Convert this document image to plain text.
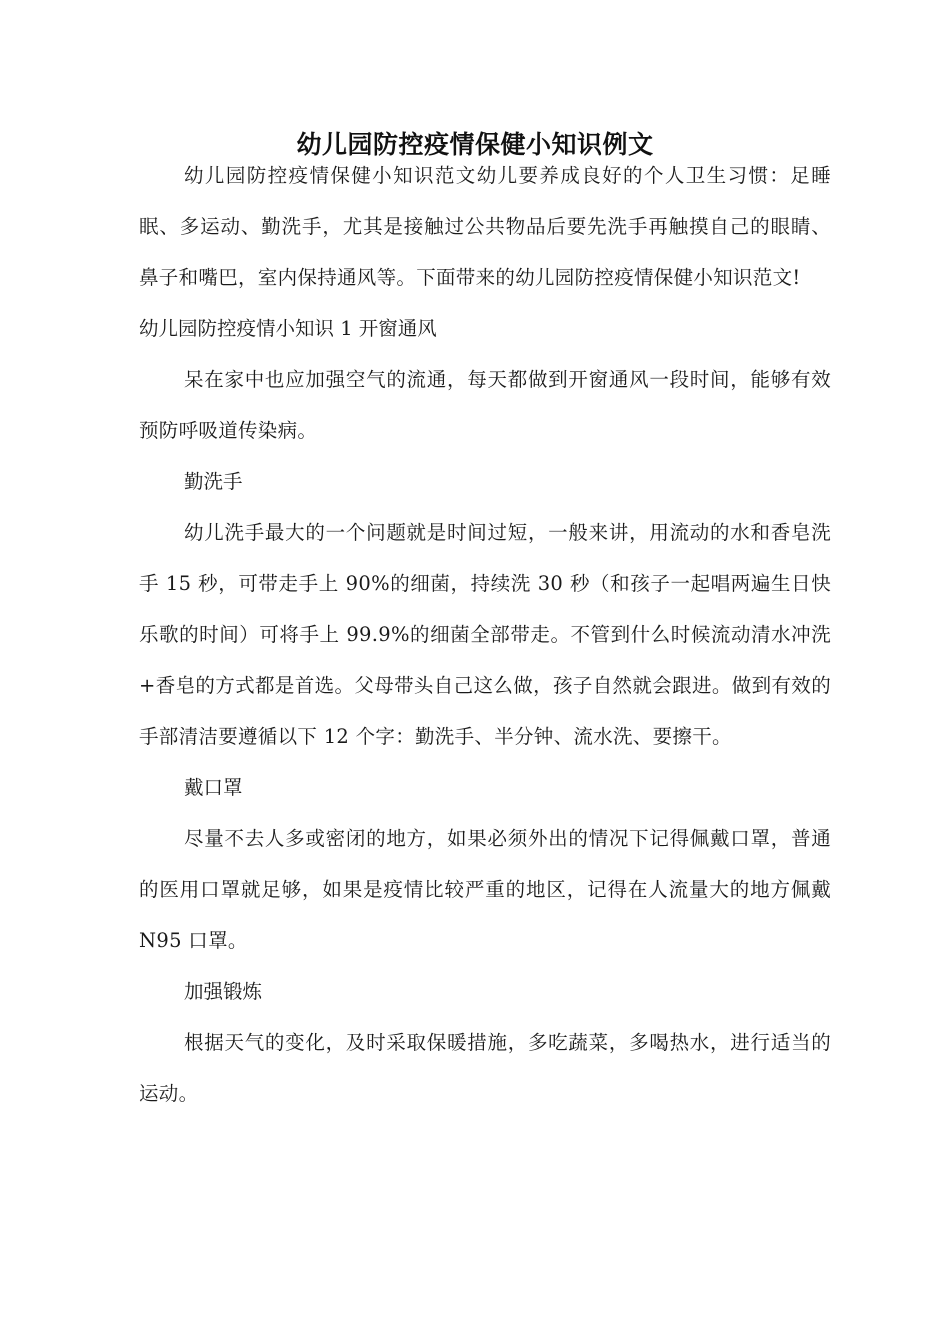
幼儿园防控疫情保健小知识例文

幼儿园防控疫情保健小知识范文幼儿要养成良好的个人卫生习惯：足睡眠、多运动、勤洗手，尤其是接触过公共物品后要先洗手再触摸自己的眼睛、鼻子和嘴巴，室内保持通风等。下面带来的幼儿园防控疫情保健小知识范文!

幼儿园防控疫情小知识 1 开窗通风

呆在家中也应加强空气的流通，每天都做到开窗通风一段时间，能够有效预防呼吸道传染病。

勤洗手

幼儿洗手最大的一个问题就是时间过短，一般来讲，用流动的水和香皂洗手 15 秒，可带走手上 90%的细菌，持续洗 30 秒（和孩子一起唱两遍生日快乐歌的时间）可将手上 99.9%的细菌全部带走。不管到什么时候流动清水冲洗+香皂的方式都是首选。父母带头自己这么做，孩子自然就会跟进。做到有效的手部清洁要遵循以下 12 个字：勤洗手、半分钟、流水洗、要擦干。

戴口罩

尽量不去人多或密闭的地方，如果必须外出的情况下记得佩戴口罩，普通的医用口罩就足够，如果是疫情比较严重的地区，记得在人流量大的地方佩戴 N95 口罩。

加强锻炼

根据天气的变化，及时采取保暖措施，多吃蔬菜，多喝热水，进行适当的运动。
